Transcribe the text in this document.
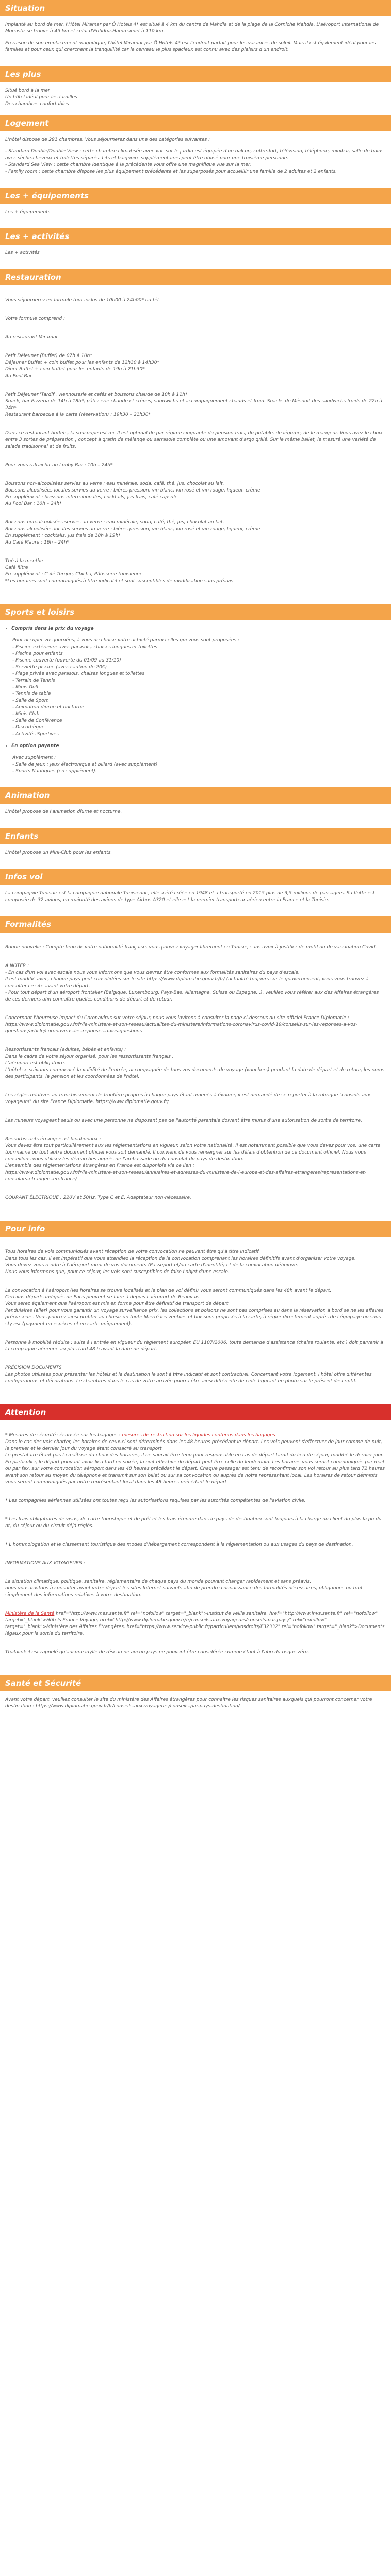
Situation

Implanté au bord de mer, l'Hôtel Miramar par Ô Hotels 4* est situé à 4 km du centre de Mahdia et de la plage de la Corniche Mahdia. L'aéroport international de Monastir se trouve à 45 km et celui d'Enfidha-Hammamet à 110 km.

En raison de son emplacement magnifique, l'hôtel Miramar par Ô Hotels 4* est l'endroit parfait pour les vacances de soleil. Mais il est également idéal pour les familles et pour ceux qui cherchent la tranquillité car le cerveau le plus spacieux est connu avec des plaisirs d'un endroit.

Les plus

Situé bord à la mer

Un hôtel idéal pour les familles

Des chambres confortables

Logement

L'hôtel dispose de 291 chambres. Vous séjournerez dans une des catégories suivantes :

- Standard Double/Double View : cette chambre climatisée avec vue sur le jardin est équipée d'un balcon, coffre-fort, télévision, téléphone, minibar, salle de bains avec sèche-cheveux et toilettes séparés. Lits et baignoire supplémentaires peut être utilisé pour une troisième personne.

- Standard Sea View : cette chambre identique à la précédente vous offre une magnifique vue sur la mer.

- Family room : cette chambre dispose les plus équipement précédente et les superposés pour accueillir une famille de 2 adultes et 2 enfants.

Les + équipements

Les + équipements

Les + activités

Les + activités

Restauration

Vous séjournerez en formule tout inclus de 10h00 à 24h00* ou tél.

Votre formule comprend :

Au restaurant Miramar

Petit Déjeuner (Buffet) de 07h à 10h*
Déjeuner Buffet + coin buffet pour les enfants de 12h30 à 14h30*
Dîner Buffet + coin buffet pour les enfants de 19h à 21h30*
Au Pool Bar

Petit Déjeuner 'Tardif', viennoiserie et cafés et boissons chaude de 10h à 11h*
Snack, bar Pizzeria de 14h à 18h*, pâtisserie chaude et crêpes, sandwichs et accompagnement chauds et froid. Snacks de Mésouit des sandwichs froids de 22h à 24h*
Restaurant barbecue à la carte (réservation) : 19h30 – 21h30*

Dans ce restaurant buffets, la soucoupe est mi. Il est optimal de par régime cinquante du pension frais, du potable, de légume, de le mangeur. Vous avez le choix entre 3 sortes de préparation ; concept à gratin de mélange ou sarrasole complète ou une amovant d'argo grillé. Sur le même ballet, le mesuré une variété de salade tradisonnal et de fruits.

Pour vous rafraichir au Lobby Bar : 10h – 24h*

Boissons non-alcoolisées servies au verre : eau minérale, soda, café, thé, jus, chocolat au lait.
Boissons alcoolisées locales servies au verre : bières pression, vin blanc, vin rosé et vin rouge, liqueur, crème
En supplément : boissons internationales, cocktails, jus frais, café capsule.
Au Pool Bar : 10h – 24h*

Boissons non-alcoolisées servies au verre : eau minérale, soda, café, thé, jus, chocolat au lait.
Boissons alcoolisées locales servies au verre : bières pression, vin blanc, vin rosé et vin rouge, liqueur, crème
En supplément : cocktails, jus frais de 18h à 19h*
Au Café Maure : 16h – 24h*

Thé à la menthe
Café filtre
En supplément : Café Turque, Chicha, Pâtisserie tunisienne.
*Les horaires sont communiqués à titre indicatif et sont susceptibles de modification sans préavis.

Sports et loisirs
• Compris dans le prix du voyage

Pour occuper vos journées, à vous de choisir votre activité parmi celles qui vous sont proposées :

- Piscine extérieure avec parasols, chaises longues et toilettes

- Piscine pour enfants

- Piscine couverte (ouverte du 01/09 au 31/10)

- Serviette piscine (avec caution de 20€)

- Plage privée avec parasols, chaises longues et toilettes

- Terrain de Tennis

- Minis Golf

- Tennis de table

- Salle de Sport

- Animation diurne et nocturne

- Minis Club

- Salle de Conférence

- Discothèque

- Activités Sportives

• En option payante

Avec supplément :

- Salle de jeux : jeux électronique et billard (avec supplément)

- Sports Nautiques (en supplément).

Animation

L'hôtel propose de l'animation diurne et nocturne.

Enfants

L'hôtel propose un Mini-Club pour les enfants.

Infos vol

La compagnie Tunisair est la compagnie nationale Tunisienne, elle a été créée en 1948 et a transporté en 2015 plus de 3,5 millions de passagers. Sa flotte est composée de 32 avions, en majorité des avions de type Airbus A320 et elle est la premier transporteur aérien entre la France et la Tunisie.

Formalités

Bonne nouvelle : Compte tenu de votre nationalité française, vous pouvez voyager librement en Tunisie, sans avoir à justifier de motif ou de vaccination Covid.

A NOTER :
- En cas d'un vol avec escale nous vous informons que vous devrez être conformes aux formalités sanitaires du pays d'escale.
Il est modifié avec, chaque pays peut consolidées sur le site https://www.diplomatie.gouv.fr/fr/ (actualité toujours sur le gouvernement, vous vous trouvez à consulter ce site avant votre départ.
- Pour tout départ d'un aéroport frontalier (Belgique, Luxembourg, Pays-Bas, Allemagne, Suisse ou Espagne...), veuillez vous référer aux des Affaires étrangères de ces derniers afin connaître quelles conditions de départ et de retour.

Concernant l'heureuse impact du Coronavirus sur votre séjour, nous vous invitons à consulter la page ci-dessous du site officiel France Diplomatie :
https://www.diplomatie.gouv.fr/fr/le-ministere-et-son-reseau/actualites-du-ministere/informations-coronavirus-covid-19/conseils-sur-les-reponses-a-vos-questions/article/coronavirus-les-reponses-a-vos-questions

Ressortissants français (adultes, bébés et enfants) :
Dans le cadre de votre séjour organisé, pour les ressortissants français :
L'aéroport est obligatoire.
L'hôtel se suivants commencé la validité de l'entrée, accompagnée de tous vos documents de voyage (vouchers) pendant la date de départ et de retour, les noms des participants, la pension et les coordonnées de l'hôtel.

Les règles relatives au franchissement de frontière propres à chaque pays étant amenés à évoluer, il est demandé de se reporter à la rubrique "conseils aux voyageurs" du site France Diplomatie, https://www.diplomatie.gouv.fr/

Les mineurs voyageant seuls ou avec une personne ne disposant pas de l'autorité parentale doivent être munis d'une autorisation de sortie de territoire.

Ressortissants étrangers et binationaux :
Vous devez être tout particulièrement aux les réglementations en vigueur, selon votre nationalité. Il est notamment possible que vous devez pour vos, une carte tourmaline ou tout autre document officiel vous soit demandé. Il convient de vous renseigner sur les délais d'obtention de ce document officiel. Nous vous conseillons vous utilisez les démarches auprès de l'ambassade ou du consulat du pays de destination.
L'ensemble des réglementations étrangères en France est disponible via ce lien :
https://www.diplomatie.gouv.fr/fr/le-ministere-et-son-reseau/annuaires-et-adresses-du-ministere-de-l-europe-et-des-affaires-etrangeres/representations-et-consulats-etrangers-en-france/

COURANT ÉLECTRIQUE : 220V et 50Hz, Type C et E. Adaptateur non-nécessaire.

Pour info

Tous horaires de vols communiqués avant réception de votre convocation ne peuvent être qu'à titre indicatif.
Dans tous les cas, il est impératif que vous attendiez la réception de la convocation comprenant les horaires définitifs avant d'organiser votre voyage.
Vous devez vous rendre à l'aéroport muni de vos documents (Passeport et/ou carte d'identité) et de la convocation définitive.
Nous vous informons que, pour ce séjour, les vols sont susceptibles de faire l'objet d'une escale.

La convocation à l'aéroport (les horaires se trouve localisés et le plan de vol défini) vous seront communiqués dans les 48h avant le départ.
Certains départs indiqués de Paris peuvent se faire à depuis l'aéroport de Beauvais.
Vous serez également que l'aéroport est mis en forme pour être définitif de transport de départ.
Pendulaires (aller) pour vous garantir un voyage surveillance prix, les collections et boisons ne sont pas comprises au dans la réservation à bord se ne les affaires précurseurs. Vous pourrez ainsi profiter au choisir un toute liberté les ventiles et boissons proposés à la carte, à régler directement auprès de l'équipage ou sous sty est (payment en espèces et en carte uniquement).

Personne à mobilité réduite : suite à l'entrée en vigueur du règlement européen EU 1107/2006, toute demande d'assistance (chaise roulante, etc.) doit parvenir à la compagnie aérienne au plus tard 48 h avant la date de départ.

PRÉCISION DOCUMENTS
Les photos utilisées pour présenter les hôtels et la destination le sont à titre indicatif et sont contractuel. Concernant votre logement, l'hôtel offre différentes configurations et décorations. Le chambres dans le cas de votre arrivée pourra être ainsi différente de celle figurant en photo sur le présent descriptif.

Attention

* Mesures de sécurité sécurisée sur les bagages : mesures de restriction sur les liquides contenus dans les bagages
Dans le cas des vols charter, les horaires de ceux-ci sont déterminés dans les 48 heures précédant le départ. Les vols peuvent s'effectuer de jour comme de nuit, le premier et le dernier jour du voyage étant consacré au transport.
Le prestataire étant pas la maîtrise du choix des horaires, il ne saurait être tenu pour responsable en cas de départ tardif du lieu de séjour, modifié le dernier jour. En particulier, le départ pouvant avoir lieu tard en soirée, la nuit effective du départ peut être celle du lendemain. Les horaires vous seront communiqués par mail ou par fax, sur votre convocation aéroport dans les 48 heures précédant le départ. Chaque passager est tenu de reconfirmer son vol retour au plus tard 72 heures avant son retour au moyen du téléphone et transmit sur son billet ou sur sa convocation ou auprès de notre représentant local. Les horaires de retour définitifs vous seront communiqués par notre représentant local dans les 48 heures précédant le départ.

* Les compagnies aériennes utilisées ont toutes reçu les autorisations requises par les autorités compétentes de l'aviation civile.

* Les frais obligatoires de visas, de carte touristique et de prêt et les frais étendre dans le pays de destination sont toujours à la charge du client du plus la pu du nt, du séjour ou du circuit déjà réglés.

* L'hommologation et le classement touristique des modes d'hébergement correspondent à la réglementation ou aux usages du pays de destination.

INFORMATIONS AUX VOYAGEURS :

La situation climatique, politique, sanitaire, réglementaire de chaque pays du monde pouvant changer rapidement et sans préavis,
nous vous invitons à consulter avant votre départ les sites Internet suivants afin de prendre connaissance des formalités nécessaires, obligations ou tout simplement des informations relatives à votre destination.

Ministère de la Santé href="http://www.mes.sante.fr" rel="nofollow" target="_blank">Institut de veille sanitaire, href="http://www.invs.sante.fr" rel="nofollow" target="_blank">Hôtels France Voyage, href="http://www.diplomatie.gouv.fr/fr/conseils-aux-voyageurs/conseils-par-pays/" rel="nofollow" target="_blank">Ministère des Affaires Étrangères, href="https://www.service-public.fr/particuliers/vosdroits/F32332" rel="nofollow" target="_blank">Documents légaux pour la sortie du territoire.

Thalälink il est rappelé qu'aucune idylle de réseau ne aucun pays ne pouvant être considérée comme étant à l'abri du risque zéro.

Santé et Sécurité

Avant votre départ, veuillez consulter le site du ministère des Affaires étrangères pour connaître les risques sanitaires auxquels qui pourront concerner votre destination : https://www.diplomatie.gouv.fr/fr/conseils-aux-voyageurs/conseils-par-pays-destination/
